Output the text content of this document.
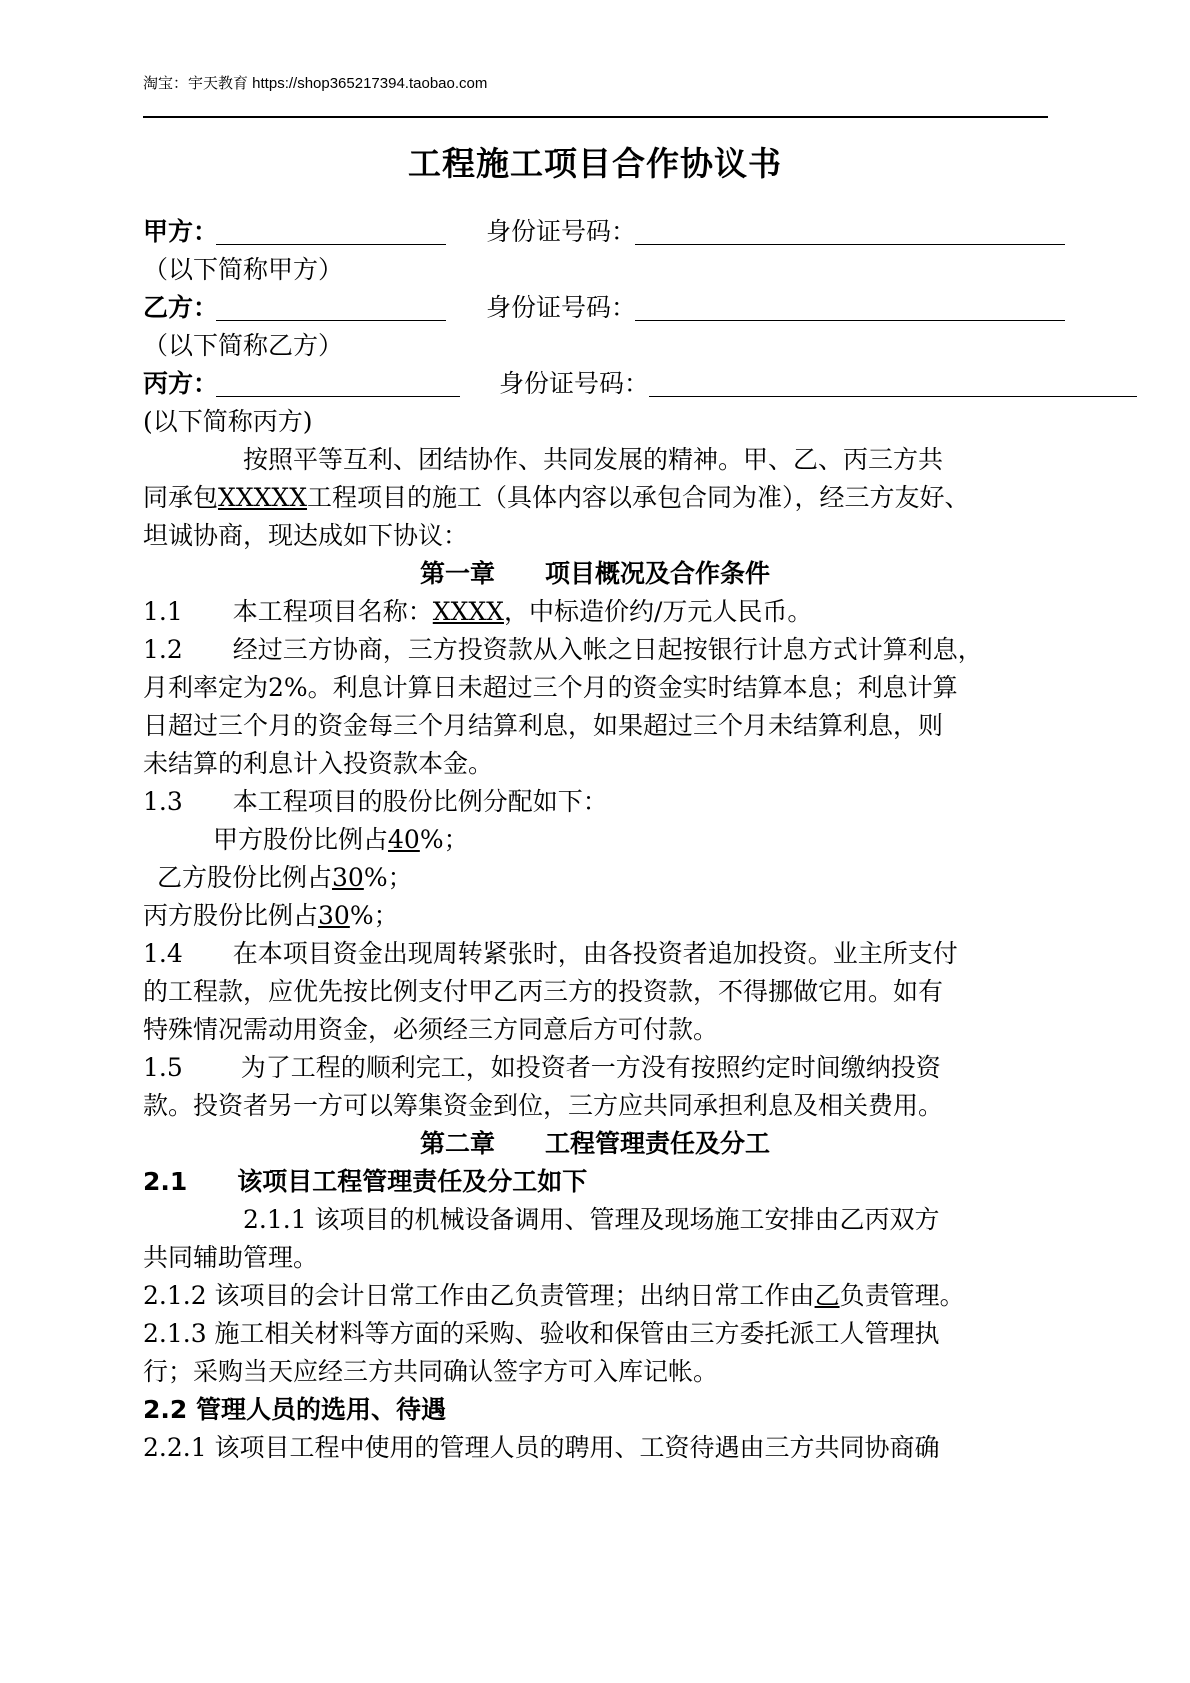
淘宝：宇天教育 https://shop365217394.taobao.com
工程施工项目合作协议书
甲方：	身份证号码：
（以下简称甲方）
乙方：	身份证号码：
（以下简称乙方）
丙方：	身份证号码：
(以下简称丙方)
按照平等互利、团结协作、共同发展的精神。甲、乙、丙三方共
同承包XXXXX工程项目的施工（具体内容以承包合同为准），经三方友好、
坦诚协商，现达成如下协议：
第一章　　项目概况及合作条件
1.1　　本工程项目名称：XXXX，中标造价约/万元人民币。
1.2　　经过三方协商，三方投资款从入帐之日起按银行计息方式计算利息，
月利率定为2%。利息计算日未超过三个月的资金实时结算本息；利息计算
日超过三个月的资金每三个月结算利息，如果超过三个月未结算利息，则
未结算的利息计入投资款本金。
1.3　　本工程项目的股份比例分配如下：
甲方股份比例占40%；
乙方股份比例占30%；
丙方股份比例占30%；
1.4　　在本项目资金出现周转紧张时，由各投资者追加投资。业主所支付
的工程款，应优先按比例支付甲乙丙三方的投资款，不得挪做它用。如有
特殊情况需动用资金，必须经三方同意后方可付款。
1.5　　 为了工程的顺利完工，如投资者一方没有按照约定时间缴纳投资
款。投资者另一方可以筹集资金到位，三方应共同承担利息及相关费用。
第二章　　工程管理责任及分工
2.1　　该项目工程管理责任及分工如下
2.1.1 该项目的机械设备调用、管理及现场施工安排由乙丙双方
共同辅助管理。
2.1.2 该项目的会计日常工作由乙负责管理；出纳日常工作由乙负责管理。
2.1.3 施工相关材料等方面的采购、验收和保管由三方委托派工人管理执
行；采购当天应经三方共同确认签字方可入库记帐。
2.2 管理人员的选用、待遇
2.2.1 该项目工程中使用的管理人员的聘用、工资待遇由三方共同协商确
